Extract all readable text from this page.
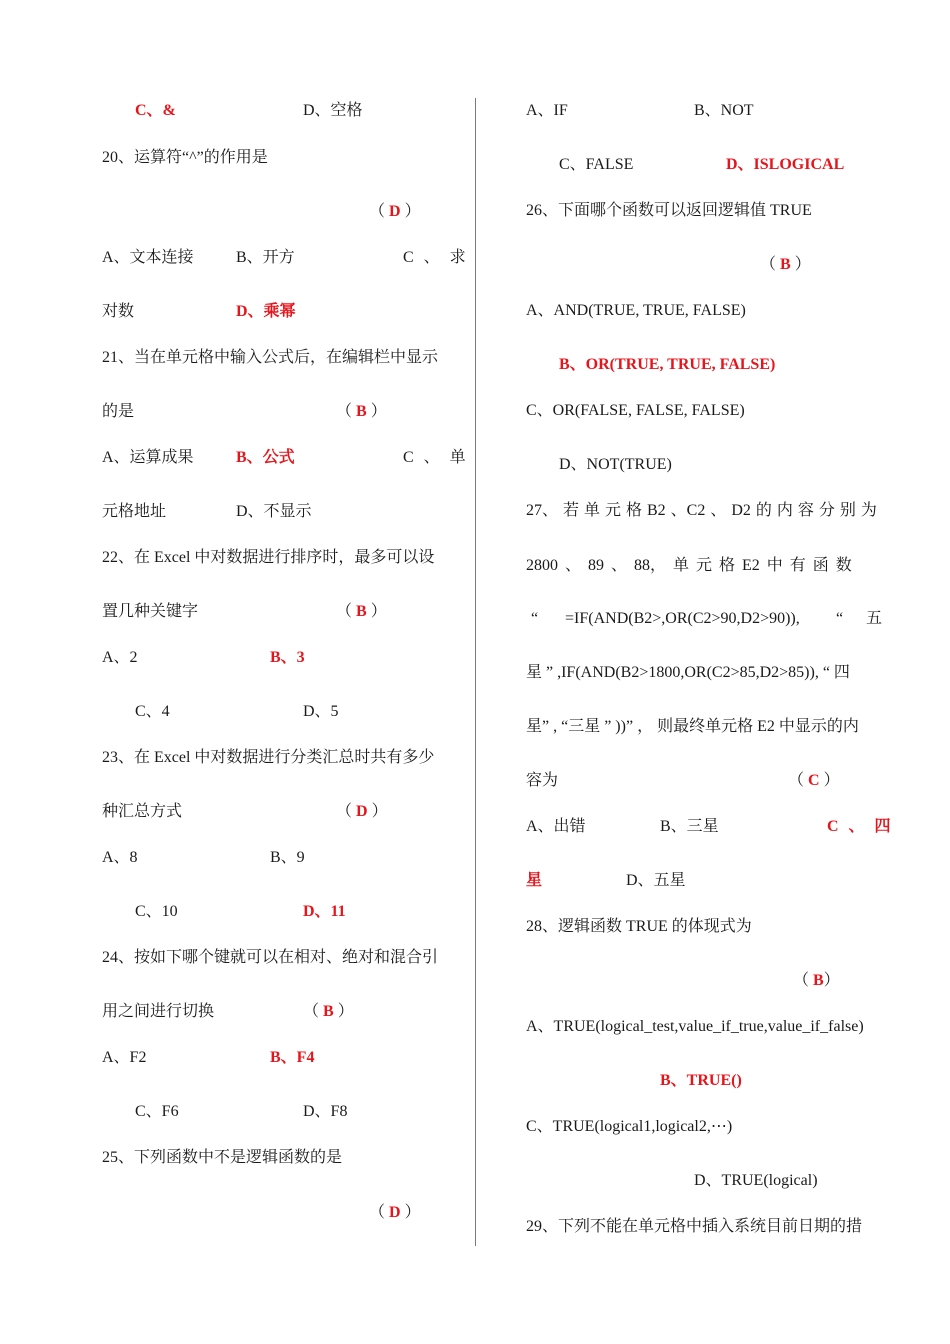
C、&	D、空格
20、运算符“^”的作用是
（ D ）
A、文本连接	B、开方	C 、 求
对数	D、乘幂
21、当在单元格中输入公式后，在编辑栏中显示
的是	（ B ）
A、运算成果	B、公式	C 、 单
元格地址	D、不显示
22、在 Excel 中对数据进行排序时，最多可以设
置几种关键字	（ B ）
A、2	B、3
C、4	D、5
23、在 Excel 中对数据进行分类汇总时共有多少
种汇总方式	（ D ）
A、8	B、9
C、10	D、11
24、按如下哪个键就可以在相对、绝对和混合引
用之间进行切换	（ B ）
A、F2	B、F4
C、F6	D、F8
25、下列函数中不是逻辑函数的是
（ D ）
A、IF	B、NOT
C、FALSE	D、ISLOGICAL
26、下面哪个函数可以返回逻辑值 TRUE
（ B ）
A、AND(TRUE, TRUE, FALSE)
B、OR(TRUE, TRUE, FALSE)
C、OR(FALSE, FALSE, FALSE)
D、NOT(TRUE)
27、 若 单 元 格 B2 、C2 、 D2 的 内 容 分 别 为
2800 、 89 、 88， 单 元 格 E2 中 有 函 数
“ =IF(AND(B2>,OR(C2>90,D2>90)), “ 五
星 ” ,IF(AND(B2>1800,OR(C2>85,D2>85)), “ 四
星” , “三星 ” ))” ， 则最终单元格 E2 中显示的内
容为	（ C ）
A、出错	B、三星	C 、 四
星	D、五星
28、逻辑函数 TRUE 的体现式为
（ B）
A、TRUE(logical_test,value_if_true,value_if_false)
B、TRUE()
C、TRUE(logical1,logical2,⋯)
D、TRUE(logical)
29、下列不能在单元格中插入系统目前日期的措
